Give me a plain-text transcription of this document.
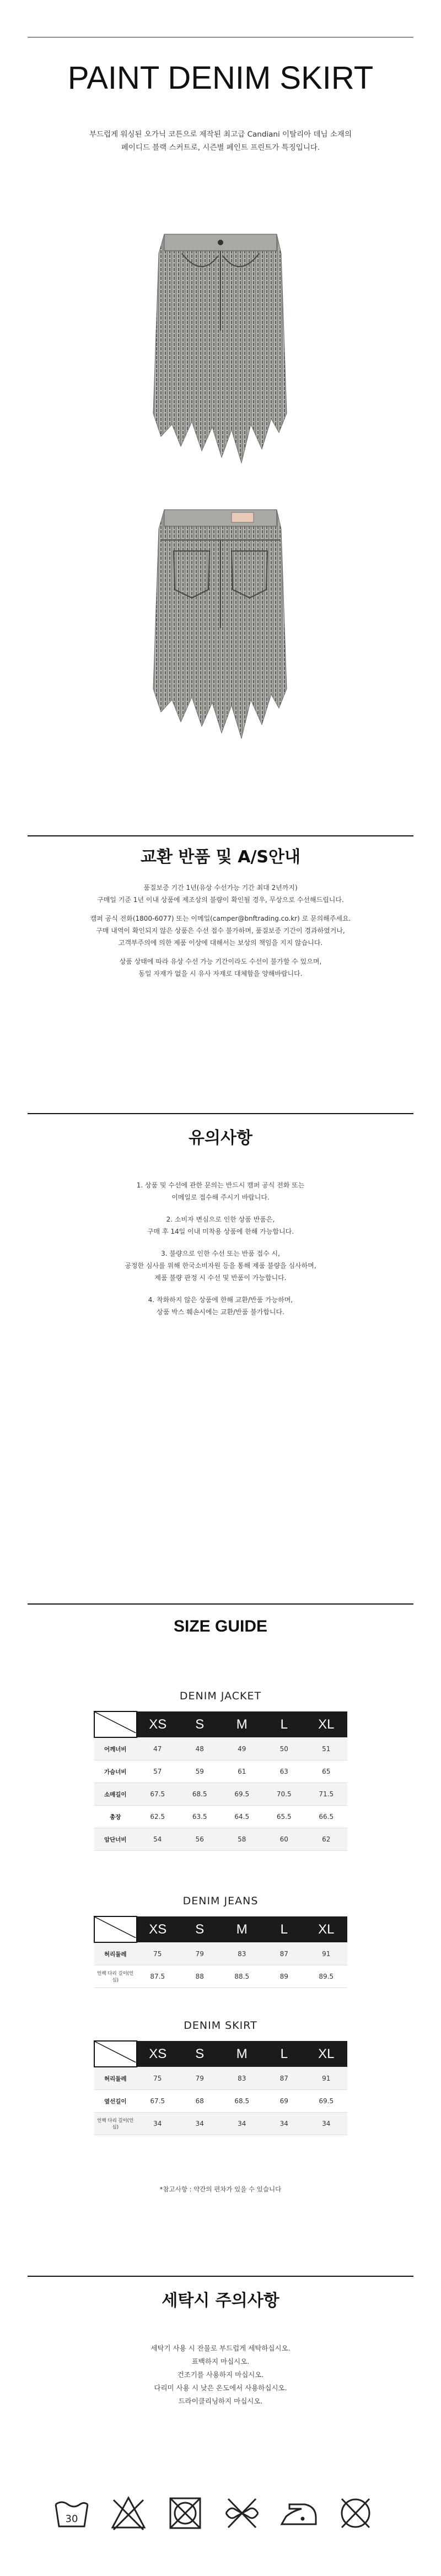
PAINT DENIM SKIRT
부드럽게 워싱된 오가닉 코튼으로 제작된 최고급 Candiani 이탈리아 데님 소재의
페이디드 블랙 스커트로, 시즌별 페인트 프린트가 특징입니다.
교환 반품 및 A/S안내
품질보증 기간 1년(유상 수선가능 기간 최대 2년까지)
구매일 기준 1년 이내 상품에 제조상의 불량이 확인될 경우, 무상으로 수선해드립니다.
캠퍼 공식 전화(1800-6077) 또는 이메일(camper@bnftrading.co.kr) 로 문의해주세요.
구매 내역이 확인되지 않은 상품은 수선 접수 불가하며, 품질보증 기간이 경과하였거나,
고객부주의에 의한 제품 이상에 대해서는 보상의 책임을 지지 않습니다.
상품 상태에 따라 유상 수선 가능 기간이라도 수선이 불가할 수 있으며,
동일 자재가 없을 시 유사 자재로 대체함을 양해바랍니다.
유의사항
1. 상품 및 수선에 관한 문의는 반드시 캠퍼 공식 전화 또는
이메일로 접수해 주시기 바랍니다.
2. 소비자 변심으로 인한 상품 반품은,
구매 후 14일 이내 미착용 상품에 한해 가능합니다.
3. 불량으로 인한 수선 또는 반품 접수 시,
공정한 심사를 위해 한국소비자원 등을 통해 제품 불량을 심사하며,
제품 불량 판정 시 수선 및 반품이 가능합니다.
4. 착화하지 않은 상품에 한해 교환/반품 가능하며,
상품 박스 훼손시에는 교환/반품 불가합니다.
SIZE GUIDE
DENIM JACKET
	XS	S	M	L	XL
어깨너비	47	48	49	50	51
가슴너비	57	59	61	63	65
소매길이	67.5	68.5	69.5	70.5	71.5
총장	62.5	63.5	64.5	65.5	66.5
암단너비	54	56	58	60	62
DENIM JEANS
	XS	S	M	L	XL
허리둘레	75	79	83	87	91
인렉 다리 길이(인심)	87.5	88	88.5	89	89.5
DENIM SKIRT
	XS	S	M	L	XL
허리둘레	75	79	83	87	91
옆선길이	67.5	68	68.5	69	69.5
인렉 다리 길이(인심)	34	34	34	34	34
*참고사항 : 약간의 편차가 있을 수 있습니다
세탁시 주의사항
세탁기 사용 시 잔물로 부드럽게 세탁하십시오.
표백하지 마십시오.
건조기를 사용하지 마십시오.
다리미 사용 시 낮은 온도에서 사용하십시오.
드라이클리닝하지 마십시오.
30
